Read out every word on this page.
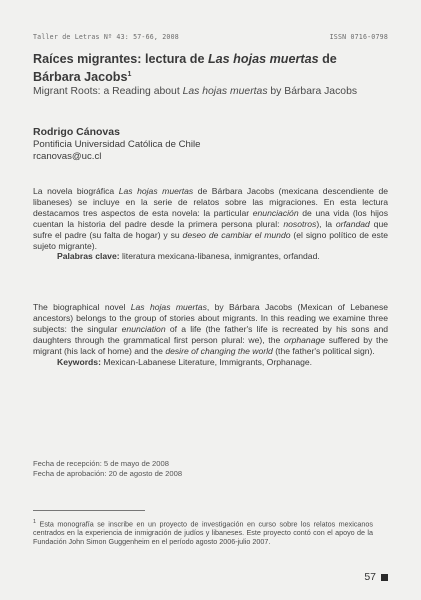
Taller de Letras Nº 43: 57-66, 2008	ISSN 0716-0798
Raíces migrantes: lectura de Las hojas muertas de Bárbara Jacobs$^1$

Migrant Roots: a Reading about Las hojas muertas by Bárbara Jacobs

Rodrigo Cánovas
Pontificia Universidad Católica de Chile
rcanovas@uc.cl

La novela biográfica Las hojas muertas de Bárbara Jacobs (mexicana descendiente de libaneses) se incluye en la serie de relatos sobre las migraciones. En esta lectura destacamos tres aspectos de esta novela: la particular enunciación de una vida (los hijos cuentan la historia del padre desde la primera persona plural: nosotros), la orfandad que sufre el padre (su falta de hogar) y su deseo de cambiar el mundo (el signo político de este sujeto migrante).

Palabras clave: literatura mexicana-libanesa, inmigrantes, orfandad.

The biographical novel Las hojas muertas, by Bárbara Jacobs (Mexican of Lebanese ancestors) belongs to the group of stories about migrants. In this reading we examine three subjects: the singular enunciation of a life (the father's life is recreated by his sons and daughters through the grammatical first person plural: we), the orphanage suffered by the migrant (his lack of home) and the desire of changing the world (the father's political sign).

Keywords: Mexican-Labanese Literature, Immigrants, Orphanage.

Fecha de recepción: 5 de mayo de 2008
Fecha de aprobación: 20 de agosto de 2008
$^1$ Esta monografía se inscribe en un proyecto de investigación en curso sobre los relatos mexicanos centrados en la experiencia de inmigración de judíos y libaneses. Este proyecto contó con el apoyo de la Fundación John Simon Guggenheim en el período agosto 2006-julio 2007.
57
